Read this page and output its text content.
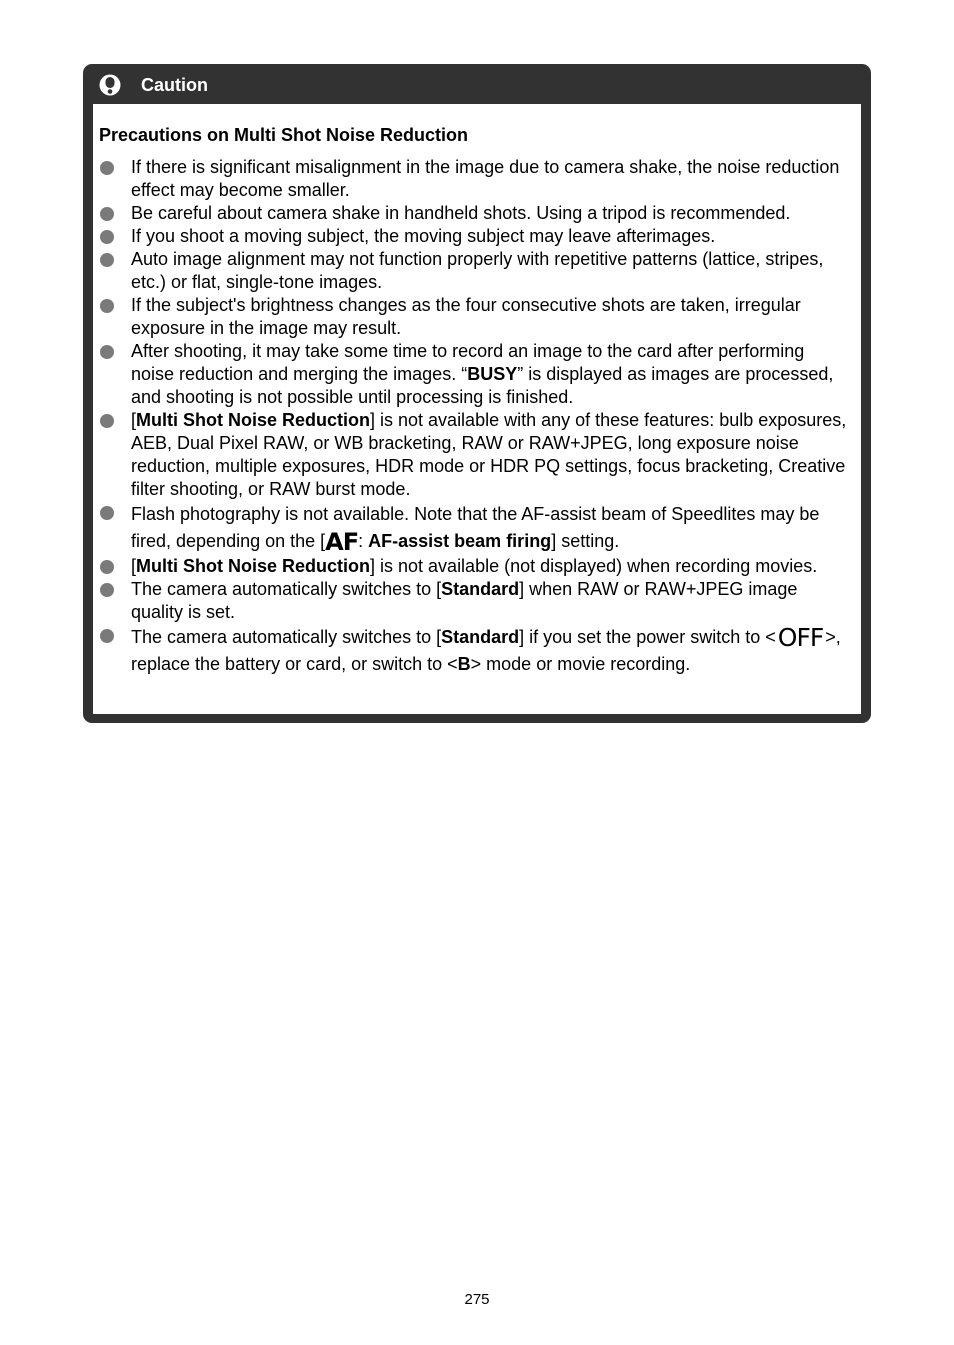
Caution
Precautions on Multi Shot Noise Reduction
If there is significant misalignment in the image due to camera shake, the noise reduction effect may become smaller.
Be careful about camera shake in handheld shots. Using a tripod is recommended.
If you shoot a moving subject, the moving subject may leave afterimages.
Auto image alignment may not function properly with repetitive patterns (lattice, stripes, etc.) or flat, single-tone images.
If the subject's brightness changes as the four consecutive shots are taken, irregular exposure in the image may result.
After shooting, it may take some time to record an image to the card after performing noise reduction and merging the images. “BUSY” is displayed as images are processed, and shooting is not possible until processing is finished.
[Multi Shot Noise Reduction] is not available with any of these features: bulb exposures, AEB, Dual Pixel RAW, or WB bracketing, RAW or RAW+JPEG, long exposure noise reduction, multiple exposures, HDR mode or HDR PQ settings, focus bracketing, Creative filter shooting, or RAW burst mode.
Flash photography is not available. Note that the AF-assist beam of Speedlites may be fired, depending on the [AF: AF-assist beam firing] setting.
[Multi Shot Noise Reduction] is not available (not displayed) when recording movies.
The camera automatically switches to [Standard] when RAW or RAW+JPEG image quality is set.
The camera automatically switches to [Standard] if you set the power switch to <OFF >, replace the battery or card, or switch to <B> mode or movie recording.
275
